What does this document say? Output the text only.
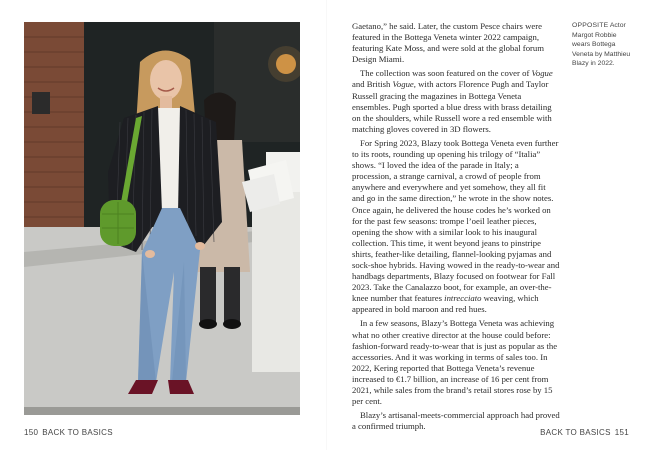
150 BACK TO BASICS

Gaetano,” he said. Later, the custom Pesce chairs were featured in the Bottega Veneta winter 2022 campaign, featuring Kate Moss, and were sold at the global forum Design Miami.

The collection was soon featured on the cover of Vogue and British Vogue, with actors Florence Pugh and Taylor Russell gracing the magazines in Bottega Veneta ensembles. Pugh sported a blue dress with brass detailing on the shoulders, while Russell wore a red ensemble with matching gloves covered in 3D flowers.

For Spring 2023, Blazy took Bottega Veneta even further to its roots, rounding up opening his trilogy of “Italia” shows. “I loved the idea of the parade in Italy; a procession, a strange carnival, a crowd of people from anywhere and everywhere and yet somehow, they all fit and go in the same direction,” he wrote in the show notes. Once again, he delivered the house codes he’s worked on for the past few seasons: trompe l’oeil leather pieces, opening the show with a similar look to his inaugural collection. This time, it went beyond jeans to pinstripe shirts, feather-like detailing, flannel-looking pyjamas and sock-shoe hybrids. Having wowed in the ready-to-wear and handbags departments, Blazy focused on footwear for Fall 2023. Take the Canalazzo boot, for example, an over-the-knee number that features intrecciato weaving, which appeared in bold maroon and red hues.

In a few seasons, Blazy’s Bottega Veneta was achieving what no other creative director at the house could before: fashion-forward ready-to-wear that is just as popular as the accessories. And it was working in terms of sales too. In 2022, Kering reported that Bottega Veneta’s revenue increased to €1.7 billion, an increase of 16 per cent from 2021, while sales from the brand’s retail stores rose by 15 per cent.

Blazy’s artisanal-meets-commercial approach had proved a confirmed triumph.

OPPOSITE Actor Margot Robbie wears Bottega Veneta by Matthieu Blazy in 2022.
BACK TO BASICS 151
